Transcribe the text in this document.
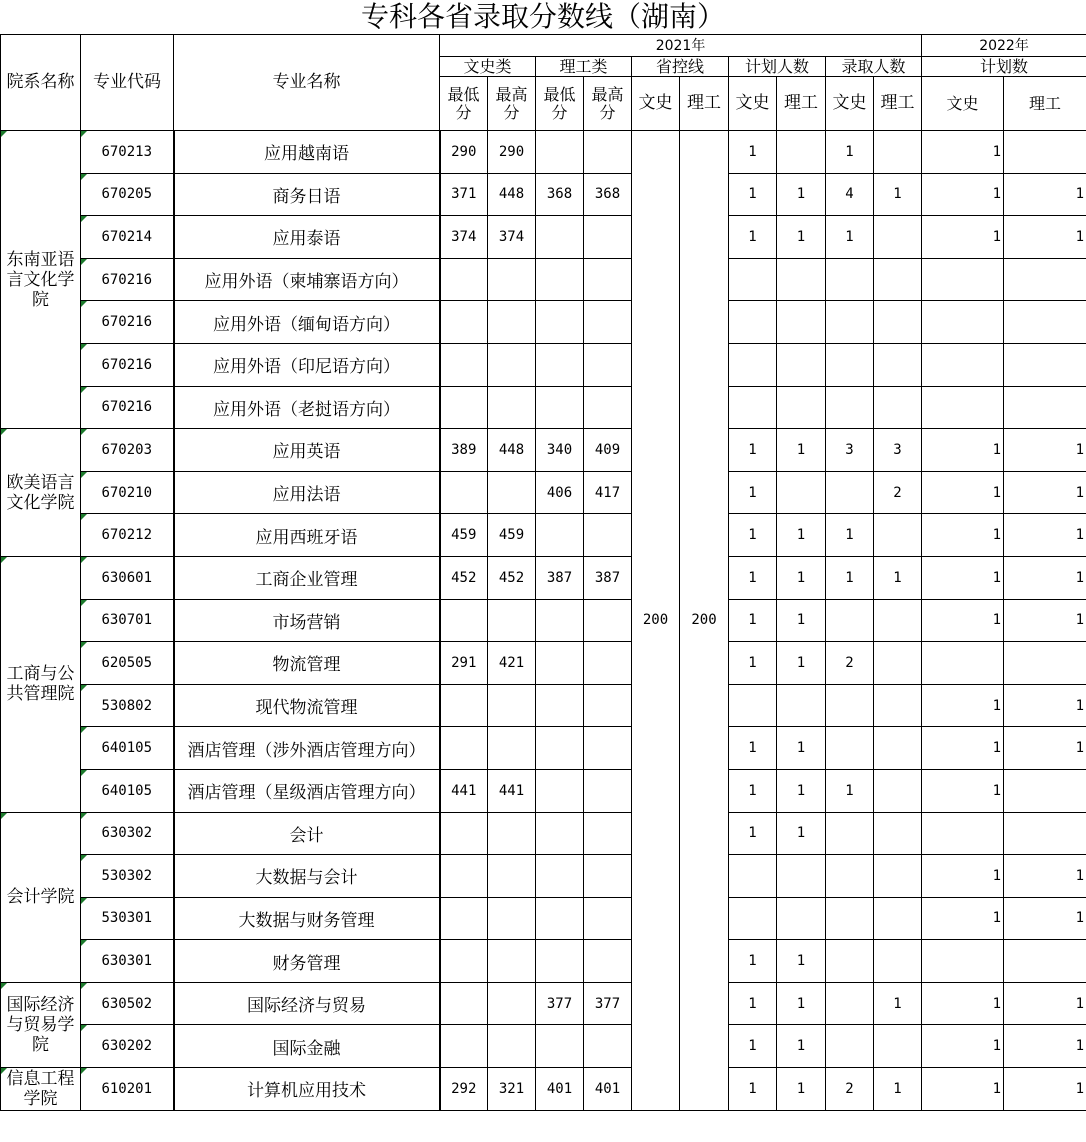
专科各省录取分数线（湖南）
院系名称	专业代码	专业名称	2021年										2022年	
			文史类		理工类		省控线		计划人数		录取人数		计划数	
			最低分	最高分	最低分	最高分	文史	理工	文史	理工	文史	理工	文史	理工
东南亚语言文化学院	670213	应用越南语	290	290			200	200	1		1		1	
	670205	商务日语	371	448	368	368			1	1	4	1	1	1
	670214	应用泰语	374	374					1	1	1		1	1
	670216	应用外语（柬埔寨语方向）												
	670216	应用外语（缅甸语方向）												
	670216	应用外语（印尼语方向）												
	670216	应用外语（老挝语方向）												
欧美语言文化学院	670203	应用英语	389	448	340	409			1	1	3	3	1	1
	670210	应用法语			406	417			1			2	1	1
	670212	应用西班牙语	459	459					1	1	1		1	1
工商与公共管理院	630601	工商企业管理	452	452	387	387			1	1	1	1	1	1
	630701	市场营销							1	1			1	1
	620505	物流管理	291	421					1	1	2			
	530802	现代物流管理											1	1
	640105	酒店管理（涉外酒店管理方向）							1	1			1	1
	640105	酒店管理（星级酒店管理方向）	441	441					1	1	1		1	
会计学院	630302	会计							1	1				
	530302	大数据与会计											1	1
	530301	大数据与财务管理											1	1
	630301	财务管理							1	1				
国际经济与贸易学院	630502	国际经济与贸易			377	377			1	1		1	1	1
	630202	国际金融							1	1			1	1
信息工程学院	610201	计算机应用技术	292	321	401	401			1	1	2	1	1	1
